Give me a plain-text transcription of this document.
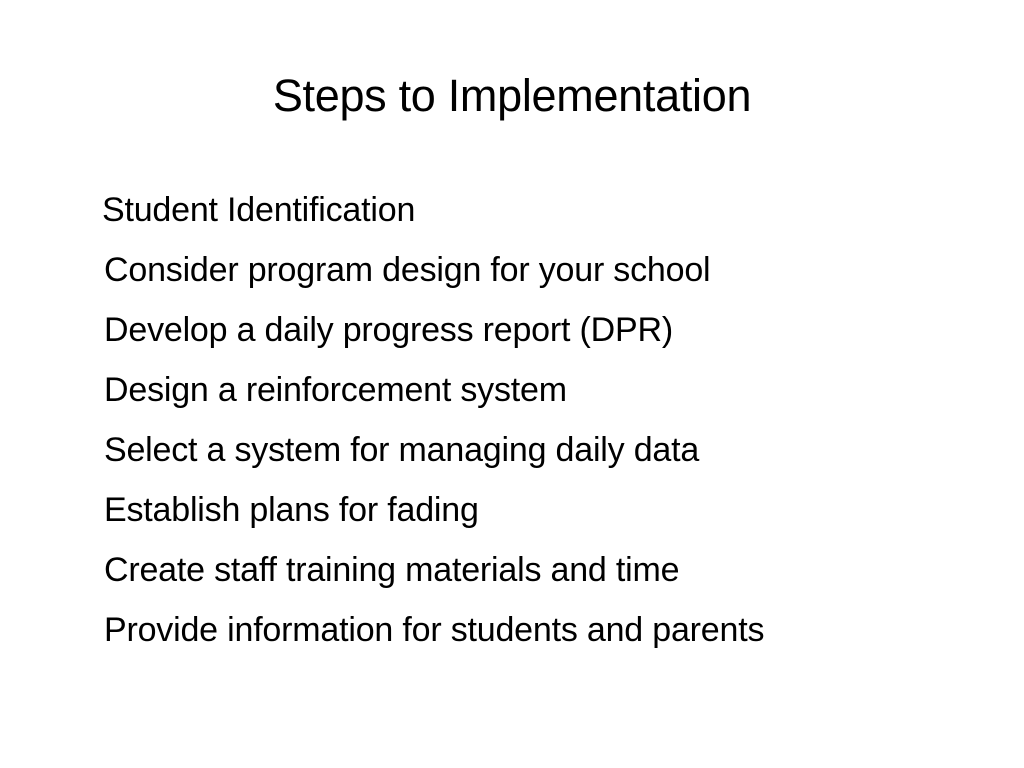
Steps to Implementation
Student Identification
Consider program design for your school
Develop a daily progress report (DPR)
Design a reinforcement system
Select a system for managing daily data
Establish plans for fading
Create staff training materials and time
Provide information for students and parents
